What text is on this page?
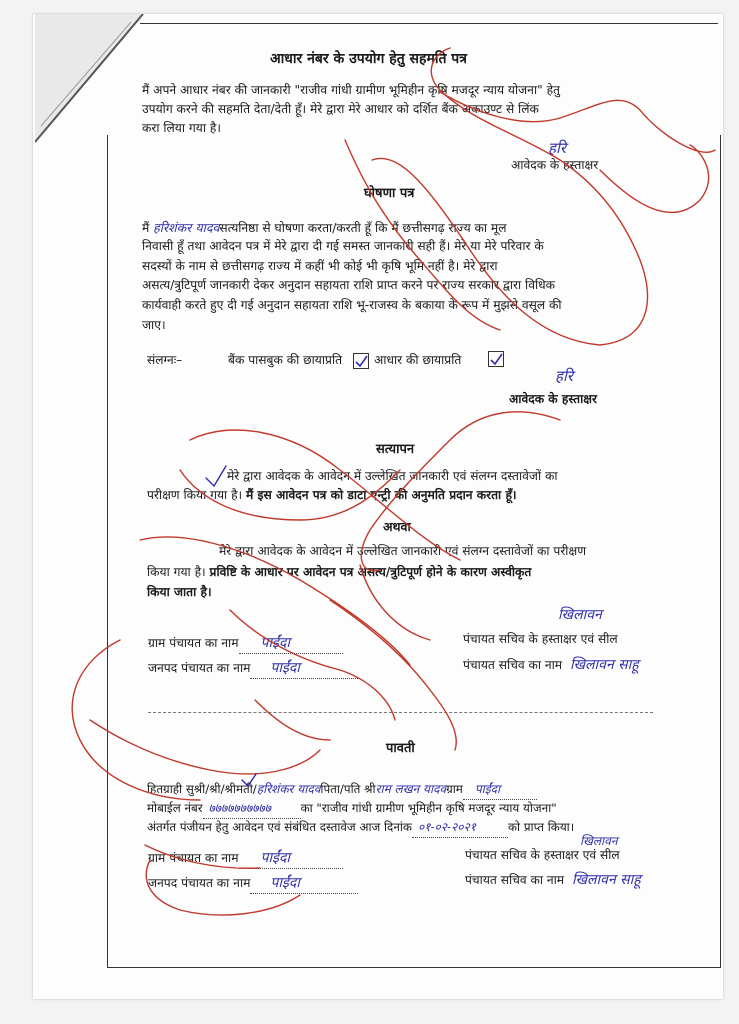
आधार नंबर के उपयोग हेतु सहमति पत्र
मैं अपने आधार नंबर की जानकारी "राजीव गांधी ग्रामीण भूमिहीन कृषि मजदूर न्याय योजना" हेतु
उपयोग करने की सहमति देता/देती हूँ। मेरे द्वारा मेरे आधार को दर्शित बैंक अकाउण्ट से लिंक
करा लिया गया है।
हरि
आवेदक के हस्ताक्षर
घोषणा पत्र
मैं हरिशंकर यादवसत्यनिष्ठा से घोषणा करता/करती हूँ कि मैं छत्तीसगढ़ राज्य का मूल
निवासी हूँ तथा आवेदन पत्र में मेरे द्वारा दी गई समस्त जानकारी सही हैं। मेरे या मेरे परिवार के
सदस्यों के नाम से छत्तीसगढ़ राज्य में कहीं भी कोई भी कृषि भूमि नहीं है। मेरे द्वारा
असत्य/त्रुटिपूर्ण जानकारी देकर अनुदान सहायता राशि प्राप्त करने पर राज्य सरकार द्वारा विधिक
कार्यवाही करते हुए दी गई अनुदान सहायता राशि भू-राजस्व के बकाया के रूप में मुझसे वसूल की
जाए।
संलग्नः–	बैंक पासबुक की छायाप्रति	आधार की छायाप्रति
हरि
आवेदक के हस्ताक्षर
सत्यापन
मेरे द्वारा आवेदक के आवेदन में उल्लेखित जानकारी एवं संलग्न दस्तावेजों का
परीक्षण किया गया है। मैं इस आवेदन पत्र को डाटा एन्ट्री की अनुमति प्रदान करता हूँ।
अथवा
मेरे द्वारा आवेदक के आवेदन में उल्लेखित जानकारी एवं संलग्न दस्तावेजों का परीक्षण
किया गया है। प्रविष्टि के आधार पर आवेदन पत्र असत्य/त्रुटिपूर्ण होने के कारण अस्वीकृत
किया जाता है।
खिलावन
ग्राम पंचायत का नाम पाईंदा	पंचायत सचिव के हस्ताक्षर एवं सील
जनपद पंचायत का नाम पाईंदा	पंचायत सचिव का नाम खिलावन साहू
पावती
हितग्राही सुश्री/श्री/श्रीमती/हरिशंकर यादवपिता/पति श्रीराम लखन यादवग्राम पाईंदा
मोबाईल नंबर ७७७७७७७७७७	का "राजीव गांधी ग्रामीण भूमिहीन कृषि मजदूर न्याय योजना"
अंतर्गत पंजीयन हेतु आवेदन एवं संबंधित दस्तावेज आज दिनांक ०१-०२-२०२१	को प्राप्त किया।
खिलावन
ग्राम पंचायत का नाम पाईंदा	पंचायत सचिव के हस्ताक्षर एवं सील
जनपद पंचायत का नाम पाईंदा	पंचायत सचिव का नाम खिलावन साहू
